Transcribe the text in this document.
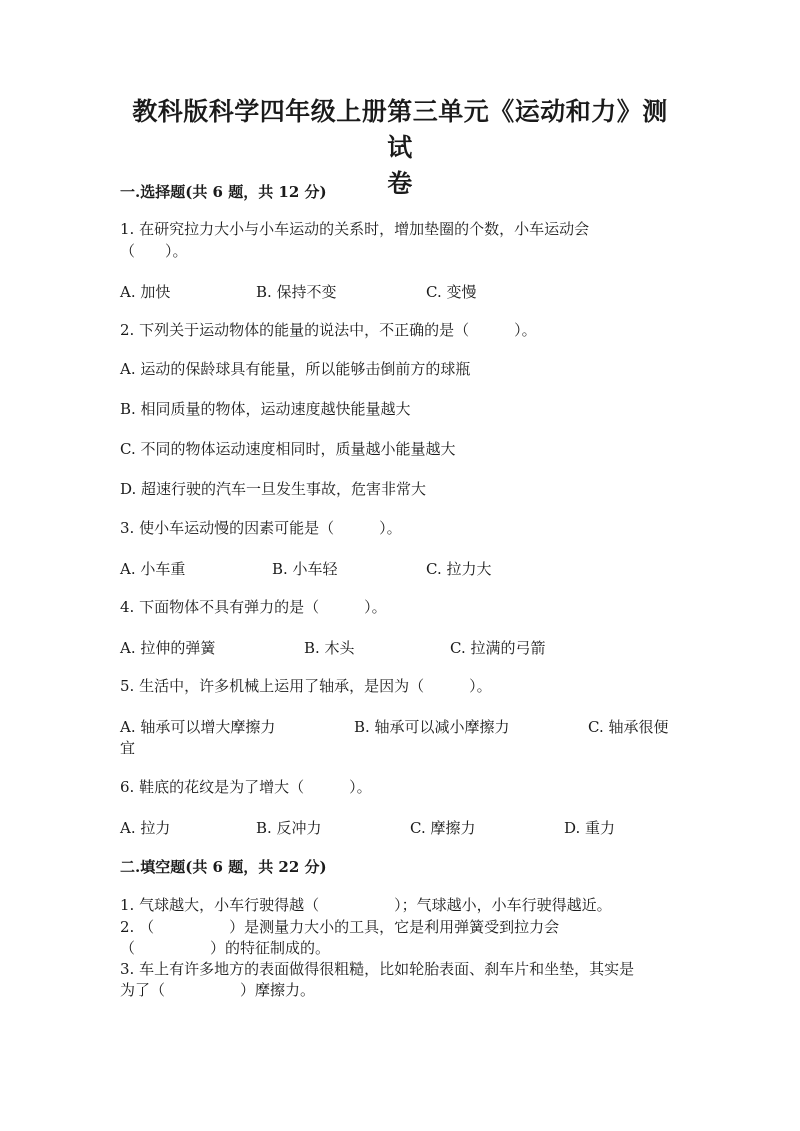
教科版科学四年级上册第三单元《运动和力》测试
卷
一.选择题(共 6 题，共 12 分)
1. 在研究拉力大小与小车运动的关系时，增加垫圈的个数，小车运动会
（　　）。
A. 加快	B. 保持不变	C. 变慢
2. 下列关于运动物体的能量的说法中，不正确的是（　　　）。
A. 运动的保龄球具有能量，所以能够击倒前方的球瓶
B. 相同质量的物体，运动速度越快能量越大
C. 不同的物体运动速度相同时，质量越小能量越大
D. 超速行驶的汽车一旦发生事故，危害非常大
3. 使小车运动慢的因素可能是（　　　）。
A. 小车重	B. 小车轻	C. 拉力大
4. 下面物体不具有弹力的是（　　　）。
A. 拉伸的弹簧	B. 木头	C. 拉满的弓箭
5. 生活中，许多机械上运用了轴承，是因为（　　　）。
A. 轴承可以增大摩擦力	B. 轴承可以减小摩擦力	C. 轴承很便
宜
6. 鞋底的花纹是为了增大（　　　）。
A. 拉力	B. 反冲力	C. 摩擦力	D. 重力
二.填空题(共 6 题，共 22 分)
1. 气球越大，小车行驶得越（　　　　　）；气球越小，小车行驶得越近。
2. （　　　　　）是测量力大小的工具，它是利用弹簧受到拉力会
（　　　　　）的特征制成的。
3. 车上有许多地方的表面做得很粗糙，比如轮胎表面、刹车片和坐垫，其实是
为了（　　　　　）摩擦力。
